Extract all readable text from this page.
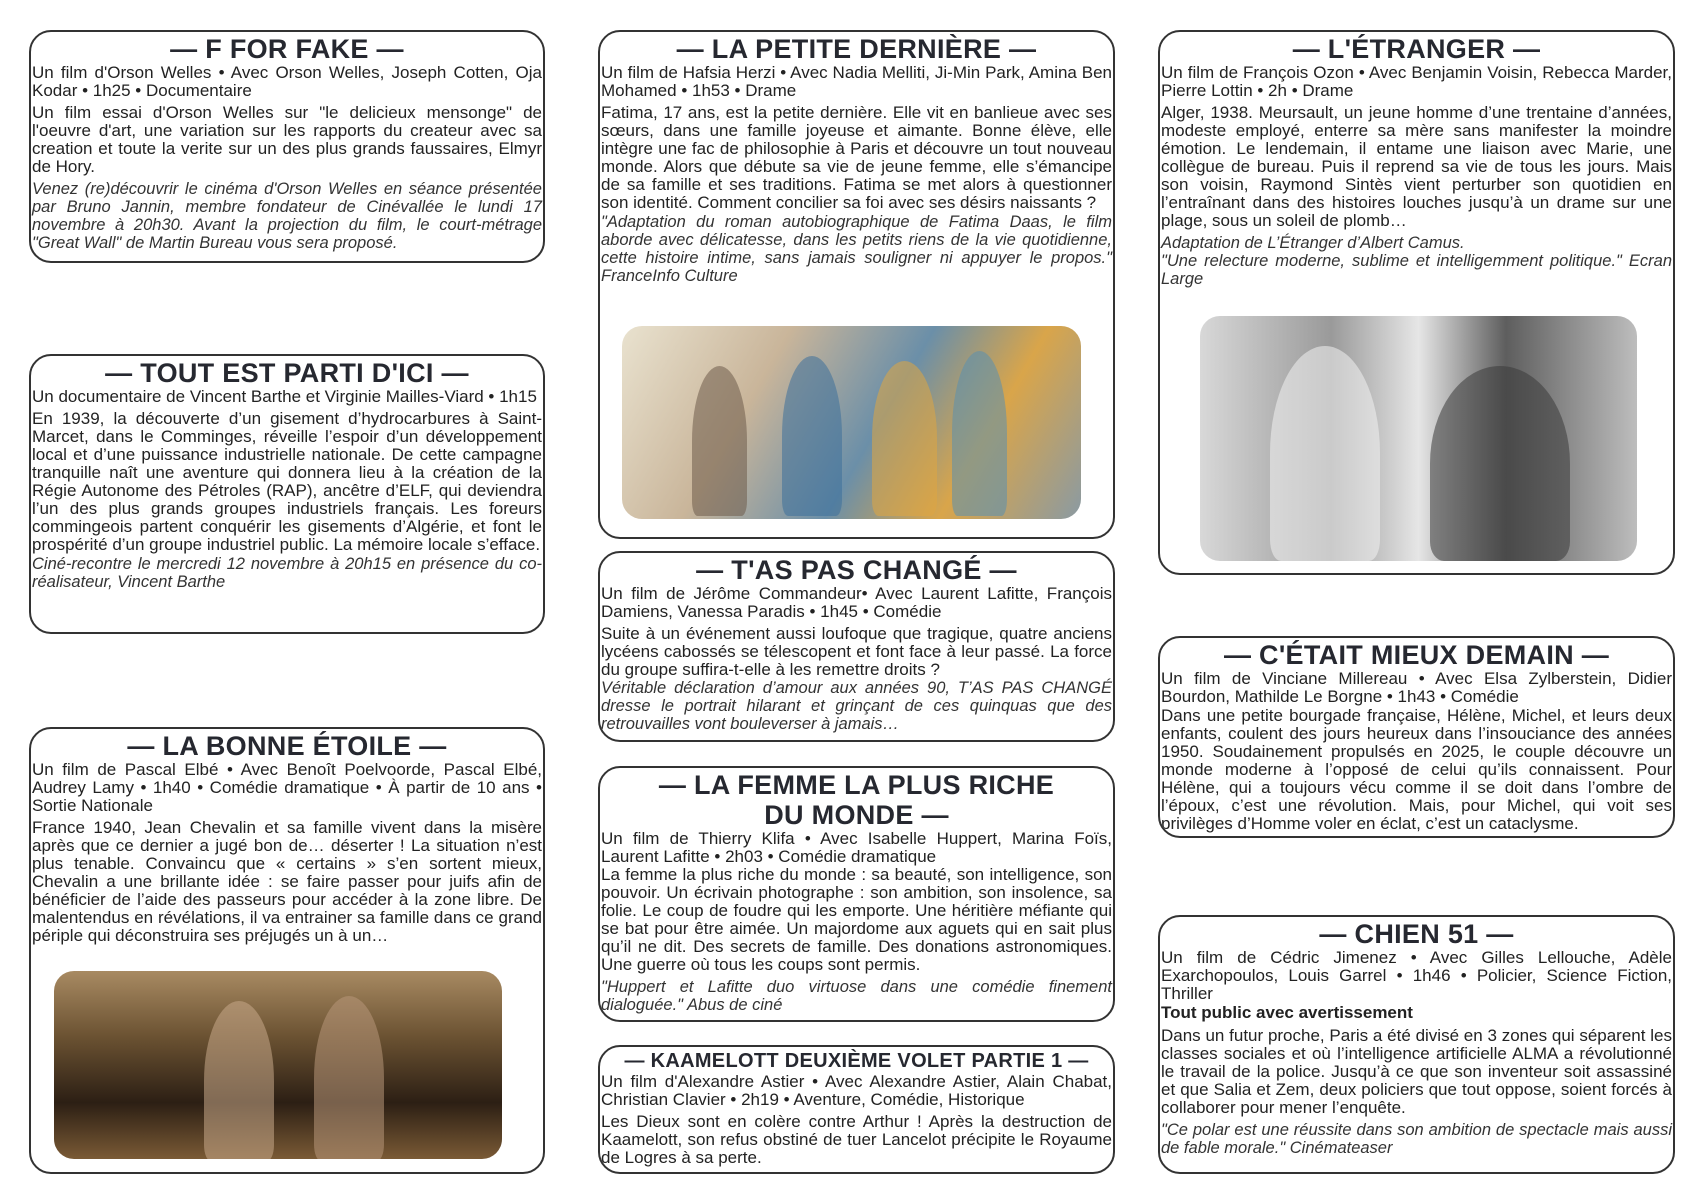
— F FOR FAKE —

Un film d'Orson Welles • Avec Orson Welles, Joseph Cotten, Oja Kodar • 1h25 • Documentaire

Un film essai d'Orson Welles sur "le delicieux mensonge" de l'oeuvre d'art, une variation sur les rapports du createur avec sa creation et toute la verite sur un des plus grands faussaires, Elmyr de Hory.

Venez (re)découvrir le cinéma d'Orson Welles en séance présentée par Bruno Jannin, membre fondateur de Cinévallée le lundi 17 novembre à 20h30. Avant la projection du film, le court-métrage "Great Wall" de Martin Bureau vous sera proposé.

— TOUT EST PARTI D'ICI —

Un documentaire de Vincent Barthe et Virginie Mailles-Viard • 1h15

En 1939, la découverte d’un gisement d’hydrocarbures à Saint-Marcet, dans le Comminges, réveille l’espoir d’un développement local et d’une puissance industrielle nationale. De cette campagne tranquille naît une aventure qui donnera lieu à la création de la Régie Autonome des Pétroles (RAP), ancêtre d’ELF, qui deviendra l’un des plus grands groupes industriels français. Les foreurs commingeois partent conquérir les gisements d’Algérie, et font le prospérité d’un groupe industriel public. La mémoire locale s’efface.

Ciné-recontre le mercredi 12 novembre à 20h15 en présence du co-réalisateur, Vincent Barthe

— LA BONNE ÉTOILE —

Un film de Pascal Elbé • Avec Benoît Poelvoorde, Pascal Elbé, Audrey Lamy • 1h40 • Comédie dramatique • À partir de 10 ans • Sortie Nationale

France 1940, Jean Chevalin et sa famille vivent dans la misère après que ce dernier a jugé bon de… déserter ! La situation n’est plus tenable. Convaincu que « certains » s’en sortent mieux, Chevalin a une brillante idée : se faire passer pour juifs afin de bénéficier de l’aide des passeurs pour accéder à la zone libre. De malentendus en révélations, il va entrainer sa famille dans ce grand périple qui déconstruira ses préjugés un à un…

— LA PETITE DERNIÈRE —

Un film de Hafsia Herzi • Avec Nadia Melliti, Ji-Min Park, Amina Ben Mohamed • 1h53 • Drame

Fatima, 17 ans, est la petite dernière. Elle vit en banlieue avec ses sœurs, dans une famille joyeuse et aimante. Bonne élève, elle intègre une fac de philosophie à Paris et découvre un tout nouveau monde. Alors que débute sa vie de jeune femme, elle s’émancipe de sa famille et ses traditions. Fatima se met alors à questionner son identité. Comment concilier sa foi avec ses désirs naissants ?

"Adaptation du roman autobiographique de Fatima Daas, le film aborde avec délicatesse, dans les petits riens de la vie quotidienne, cette histoire intime, sans jamais souligner ni appuyer le propos." FranceInfo Culture

— T'AS PAS CHANGÉ —

Un film de Jérôme Commandeur• Avec Laurent Lafitte, François Damiens, Vanessa Paradis • 1h45 • Comédie

Suite à un événement aussi loufoque que tragique, quatre anciens lycéens cabossés se télescopent et font face à leur passé. La force du groupe suffira-t-elle à les remettre droits ?

Véritable déclaration d’amour aux années 90, T’AS PAS CHANGÉ dresse le portrait hilarant et grinçant de ces quinquas que des retrouvailles vont bouleverser à jamais…

— LA FEMME LA PLUS RICHE DU MONDE —

Un film de Thierry Klifa • Avec Isabelle Huppert, Marina Foïs, Laurent Lafitte • 2h03 • Comédie dramatique

La femme la plus riche du monde : sa beauté, son intelligence, son pouvoir. Un écrivain photographe : son ambition, son insolence, sa folie. Le coup de foudre qui les emporte. Une héritière méfiante qui se bat pour être aimée. Un majordome aux aguets qui en sait plus qu’il ne dit. Des secrets de famille. Des donations astronomiques. Une guerre où tous les coups sont permis.

"Huppert et Lafitte duo virtuose dans une comédie finement dialoguée." Abus de ciné

— KAAMELOTT DEUXIÈME VOLET PARTIE 1 —

Un film d'Alexandre Astier • Avec Alexandre Astier, Alain Chabat, Christian Clavier • 2h19 • Aventure, Comédie, Historique

Les Dieux sont en colère contre Arthur ! Après la destruction de Kaamelott, son refus obstiné de tuer Lancelot précipite le Royaume de Logres à sa perte.

— L'ÉTRANGER —

Un film de François Ozon • Avec Benjamin Voisin, Rebecca Marder, Pierre Lottin • 2h • Drame

Alger, 1938. Meursault, un jeune homme d’une trentaine d’années, modeste employé, enterre sa mère sans manifester la moindre émotion. Le lendemain, il entame une liaison avec Marie, une collègue de bureau. Puis il reprend sa vie de tous les jours. Mais son voisin, Raymond Sintès vient perturber son quotidien en l’entraînant dans des histoires louches jusqu’à un drame sur une plage, sous un soleil de plomb…

Adaptation de L’Étranger d’Albert Camus.

"Une relecture moderne, sublime et intelligemment politique." Ecran Large

— C'ÉTAIT MIEUX DEMAIN —

Un film de Vinciane Millereau • Avec Elsa Zylberstein, Didier Bourdon, Mathilde Le Borgne • 1h43 • Comédie

Dans une petite bourgade française, Hélène, Michel, et leurs deux enfants, coulent des jours heureux dans l’insouciance des années 1950. Soudainement propulsés en 2025, le couple découvre un monde moderne à l’opposé de celui qu’ils connaissent. Pour Hélène, qui a toujours vécu comme il se doit dans l’ombre de l’époux, c’est une révolution. Mais, pour Michel, qui voit ses privilèges d’Homme voler en éclat, c’est un cataclysme.

— CHIEN 51 —

Un film de Cédric Jimenez • Avec Gilles Lellouche, Adèle Exarchopoulos, Louis Garrel • 1h46 • Policier, Science Fiction, Thriller

Tout public avec avertissement

Dans un futur proche, Paris a été divisé en 3 zones qui séparent les classes sociales et où l’intelligence artificielle ALMA a révolutionné le travail de la police. Jusqu’à ce que son inventeur soit assassiné et que Salia et Zem, deux policiers que tout oppose, soient forcés à collaborer pour mener l’enquête.

"Ce polar est une réussite dans son ambition de spectacle mais aussi de fable morale." Cinémateaser
